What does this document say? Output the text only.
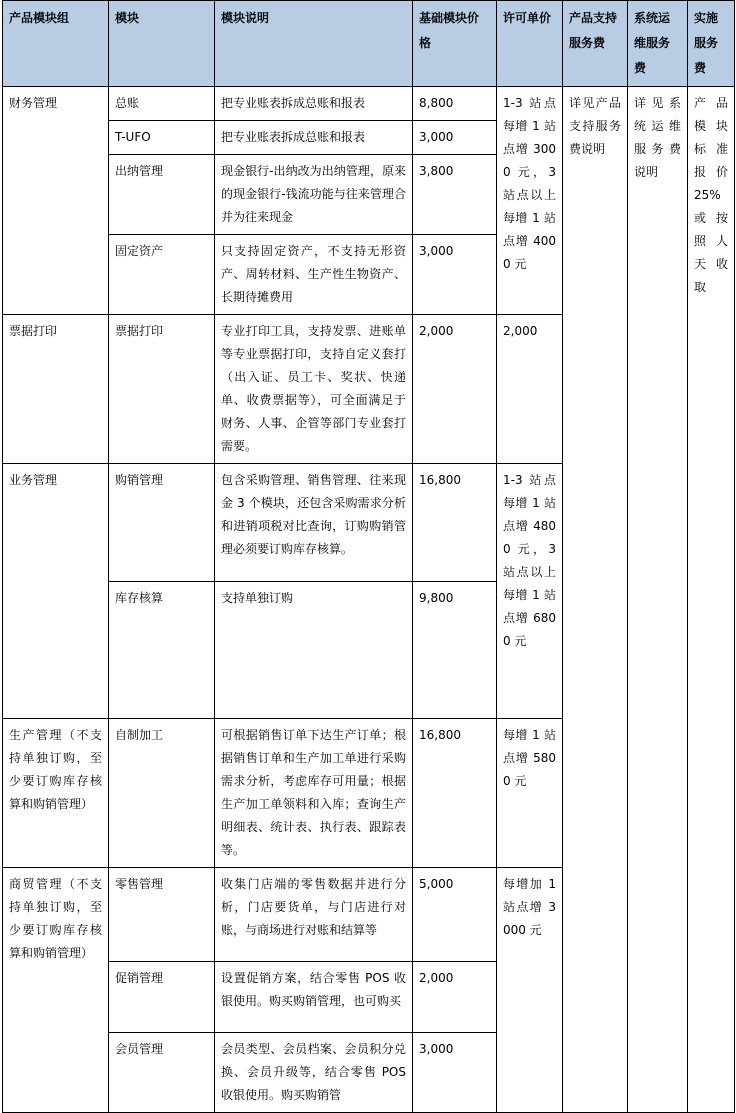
产品模块组	模块	模块说明	基础模块价格	许可单价	产品支持服务费	系统运维服务费	实施服务费
财务管理	总账	把专业账表拆成总账和报表	8,800	1-3 站点每增 1 站点增 3000 元，3 站点以上每增 1 站点增 4000 元	详见产品支持服务费说明	详见系统运维服务费说明	产品模块标准报价 25% 或按照人天收取
	T-UFO	把专业账表拆成总账和报表	3,000				
	出纳管理	现金银行-出纳改为出纳管理，原来的现金银行-钱流功能与往来管理合并为往来现金	3,800				
	固定资产	只支持固定资产，不支持无形资产、周转材料、生产性生物资产、长期待摊费用	3,000				
票据打印	票据打印	专业打印工具，支持发票、进账单等专业票据打印，支持自定义套打（出入证、员工卡、奖状、快递单、收费票据等），可全面满足于财务、人事、企管等部门专业套打需要。	2,000	2,000			
业务管理	购销管理	包含采购管理、销售管理、往来现金 3 个模块，还包含采购需求分析和进销项税对比查询，订购购销管理必须要订购库存核算。	16,800	1-3 站点每增 1 站点增 4800 元，3 站点以上每增 1 站点增 6800 元			
	库存核算	支持单独订购	9,800				
生产管理（不支持单独订购，至少要订购库存核算和购销管理）	自制加工	可根据销售订单下达生产订单；根据销售订单和生产加工单进行采购需求分析，考虑库存可用量；根据生产加工单领料和入库；查询生产明细表、统计表、执行表、跟踪表等。	16,800	每增 1 站点增 5800 元			
商贸管理（不支持单独订购，至少要订购库存核算和购销管理）	零售管理	收集门店端的零售数据并进行分析，门店要货单，与门店进行对账，与商场进行对账和结算等	5,000	每增加 1 站点增 3000 元			
	促销管理	设置促销方案，结合零售 POS 收银使用。购买购销管理，也可购买	2,000				
	会员管理	会员类型、会员档案、会员积分兑换、会员升级等，结合零售 POS 收银使用。购买购销管	3,000				
